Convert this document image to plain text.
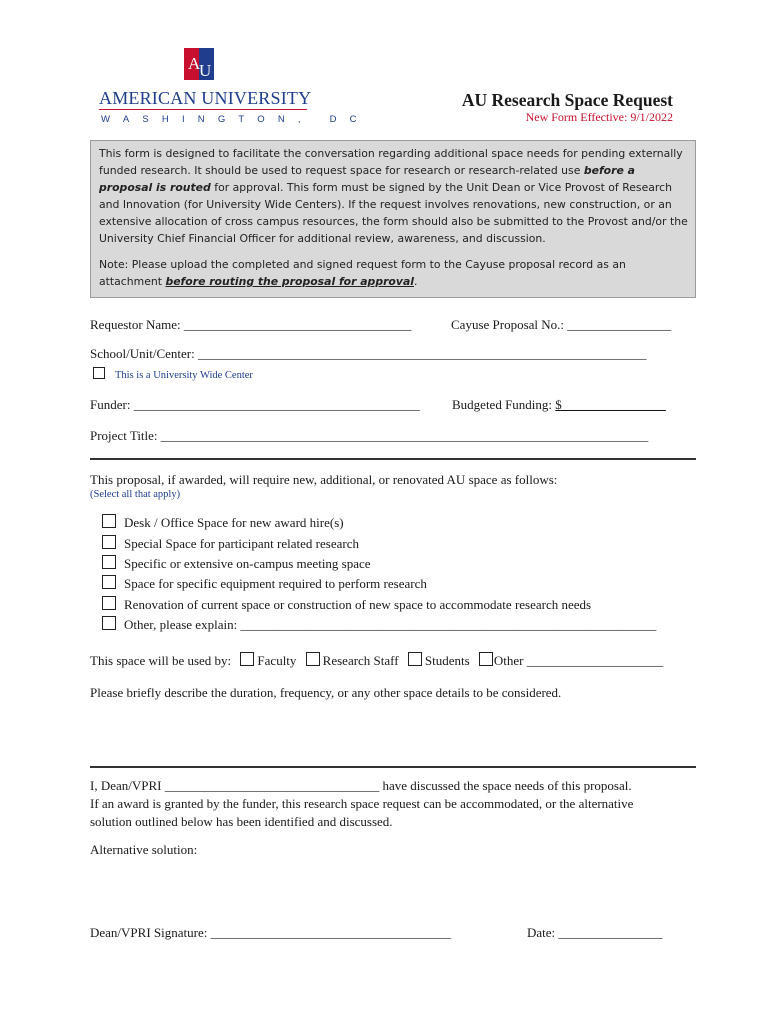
A
U
AMERICAN UNIVERSITY
WASHINGTON, DC
AU Research Space Request
New Form Effective: 9/1/2022

This form is designed to facilitate the conversation regarding additional space needs for pending externally funded research. It should be used to request space for research or research-related use before a proposal is routed for approval. This form must be signed by the Unit Dean or Vice Provost of Research and Innovation (for University Wide Centers). If the request involves renovations, new construction, or an extensive allocation of cross campus resources, the form should also be submitted to the Provost and/or the University Chief Financial Officer for additional review, awareness, and discussion.

Note: Please upload the completed and signed request form to the Cayuse proposal record as an attachment before routing the proposal for approval.

Requestor Name: ___________________________________	Cayuse Proposal No.: ________________
School/Unit/Center: _____________________________________________________________________
This is a University Wide Center
Funder: ____________________________________________ Budgeted Funding: $________________
Project Title: ___________________________________________________________________________
This proposal, if awarded, will require new, additional, or renovated AU space as follows:
(Select all that apply)
Desk / Office Space for new award hire(s)
Special Space for participant related research
Specific or extensive on-campus meeting space
Space for specific equipment required to perform research
Renovation of current space or construction of new space to accommodate research needs
Other, please explain: ________________________________________________________________
This space will be used by: Faculty Research Staff Students Other _____________________
Please briefly describe the duration, frequency, or any other space details to be considered.
I, Dean/VPRI _________________________________ have discussed the space needs of this proposal.
If an award is granted by the funder, this research space request can be accommodated, or the alternative
solution outlined below has been identified and discussed.
Alternative solution:
Dean/VPRI Signature: _____________________________________	Date: ________________
